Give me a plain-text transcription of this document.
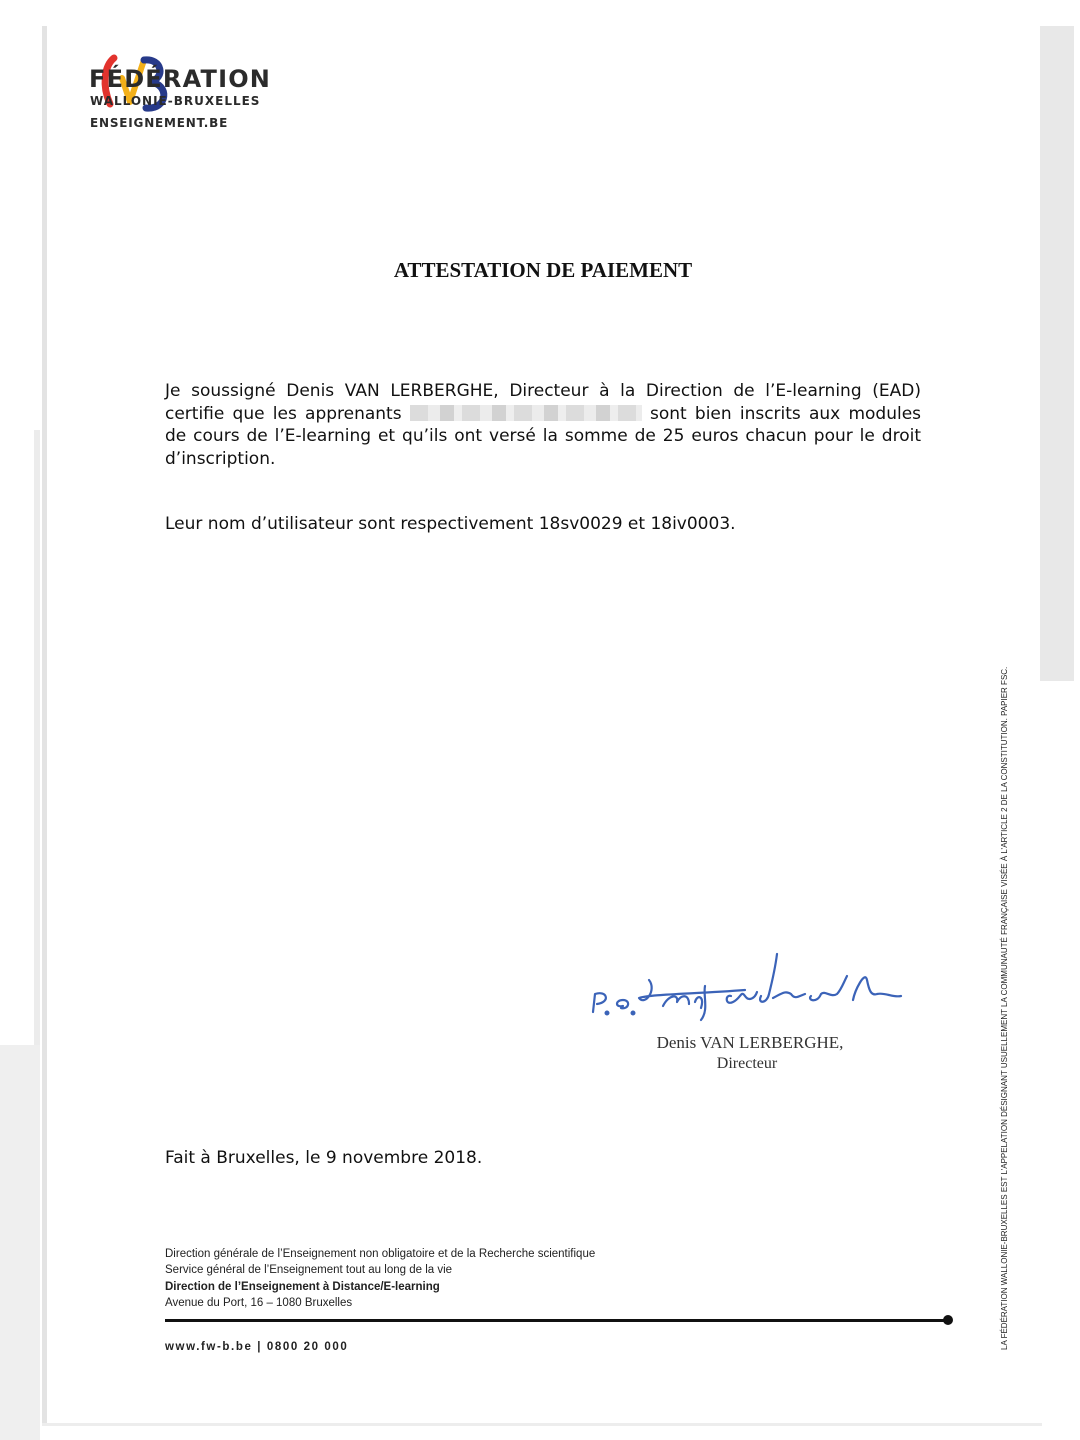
FÉDÉRATION

WALLONIE-BRUXELLES

ENSEIGNEMENT.BE

ATTESTATION DE PAIEMENT

Je soussigné Denis VAN LERBERGHE, Directeur à la Direction de l’E-learning (EAD) certifie que les apprenants	sont bien inscrits aux modules de cours de l’E-learning et qu’ils ont versé la somme de 25 euros chacun pour le droit d’inscription.

Leur nom d’utilisateur sont respectivement 18sv0029 et 18iv0003.

P.O. Van Verdaer A.

Denis VAN LERBERGHE,

Directeur

Fait à Bruxelles, le 9 novembre 2018.

Direction générale de l’Enseignement non obligatoire et de la Recherche scientifique
Service général de l’Enseignement tout au long de la vie
Direction de l’Enseignement à Distance/E-learning
Avenue du Port, 16 – 1080 Bruxelles

www.fw-b.be | 0800 20 000	LA FÉDÉRATION WALLONIE-BRUXELLES EST L’APPELATION DÉSIGNANT USUELLEMENT LA COMMUNAUTÉ FRANÇAISE VISÉE À L’ARTICLE 2 DE LA CONSTITUTION. PAPIER FSC.
